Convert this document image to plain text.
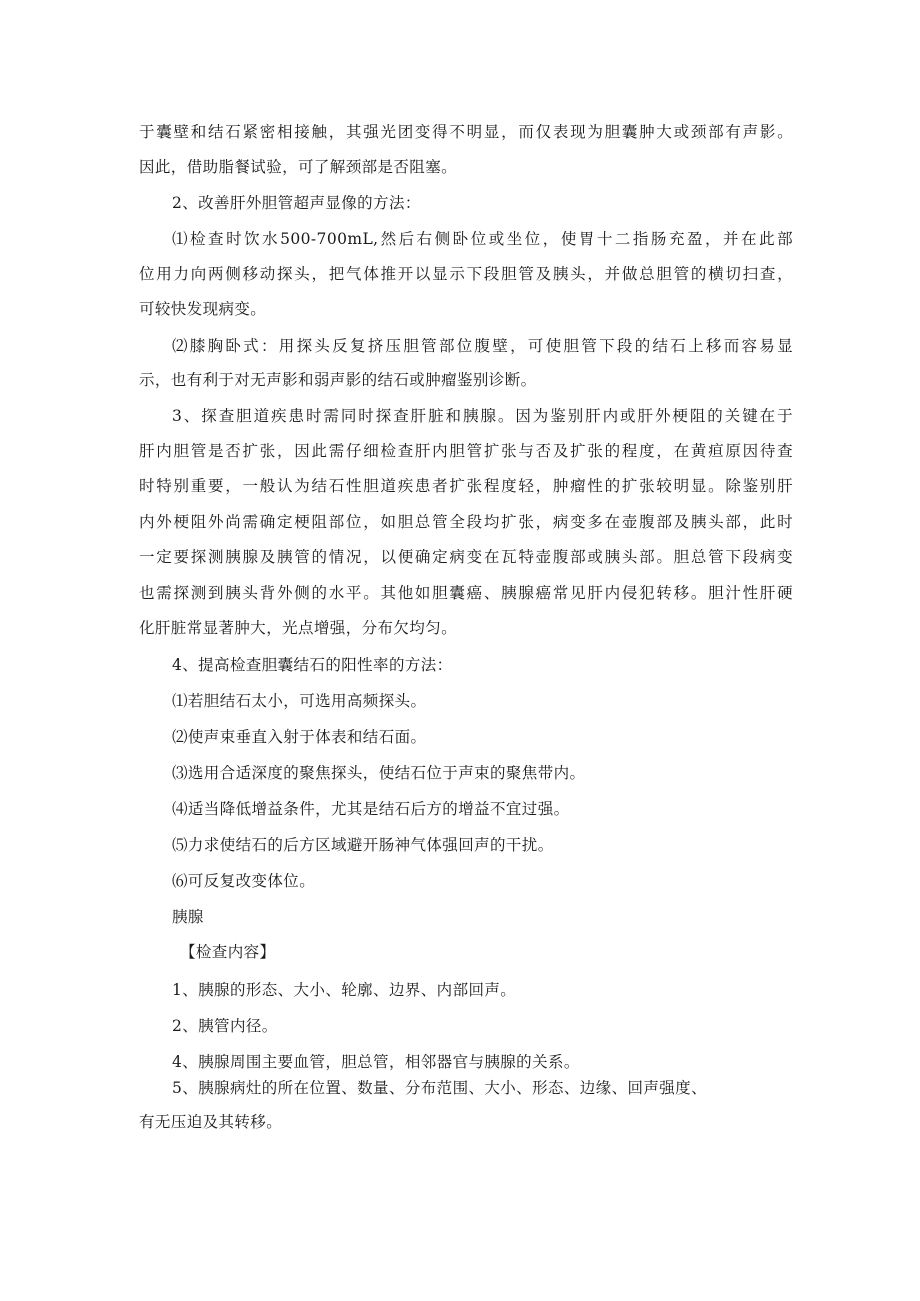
于囊壁和结石紧密相接触，其强光团变得不明显，而仅表现为胆囊肿大或颈部有声影。
因此，借助脂餐试验，可了解颈部是否阻塞。
2、改善肝外胆管超声显像的方法：
⑴检查时饮水500-700mL,然后右侧卧位或坐位，使胃十二指肠充盈，并在此部
位用力向两侧移动探头，把气体推开以显示下段胆管及胰头，并做总胆管的横切扫查，
可较快发现病变。
⑵膝胸卧式：用探头反复挤压胆管部位腹壁，可使胆管下段的结石上移而容易显
示，也有利于对无声影和弱声影的结石或肿瘤鉴别诊断。
3、探查胆道疾患时需同时探查肝脏和胰腺。因为鉴别肝内或肝外梗阻的关键在于
肝内胆管是否扩张，因此需仔细检查肝内胆管扩张与否及扩张的程度，在黄疸原因待查
时特别重要，一般认为结石性胆道疾患者扩张程度轻，肿瘤性的扩张较明显。除鉴别肝
内外梗阻外尚需确定梗阻部位，如胆总管全段均扩张，病变多在壶腹部及胰头部，此时
一定要探测胰腺及胰管的情况，以便确定病变在瓦特壶腹部或胰头部。胆总管下段病变
也需探测到胰头背外侧的水平。其他如胆囊癌、胰腺癌常见肝内侵犯转移。胆汁性肝硬
化肝脏常显著肿大，光点增强，分布欠均匀。
4、提高检查胆囊结石的阳性率的方法：
⑴若胆结石太小，可选用高频探头。
⑵使声束垂直入射于体表和结石面。
⑶选用合适深度的聚焦探头，使结石位于声束的聚焦带内。
⑷适当降低增益条件，尤其是结石后方的增益不宜过强。
⑸力求使结石的后方区域避开肠神气体强回声的干扰。
⑹可反复改变体位。
胰腺
【检查内容】
1、胰腺的形态、大小、轮廓、边界、内部回声。
2、胰管内径。
4、胰腺周围主要血管，胆总管，相邻器官与胰腺的关系。
5、胰腺病灶的所在位置、数量、分布范围、大小、形态、边缘、回声强度、
有无压迫及其转移。
